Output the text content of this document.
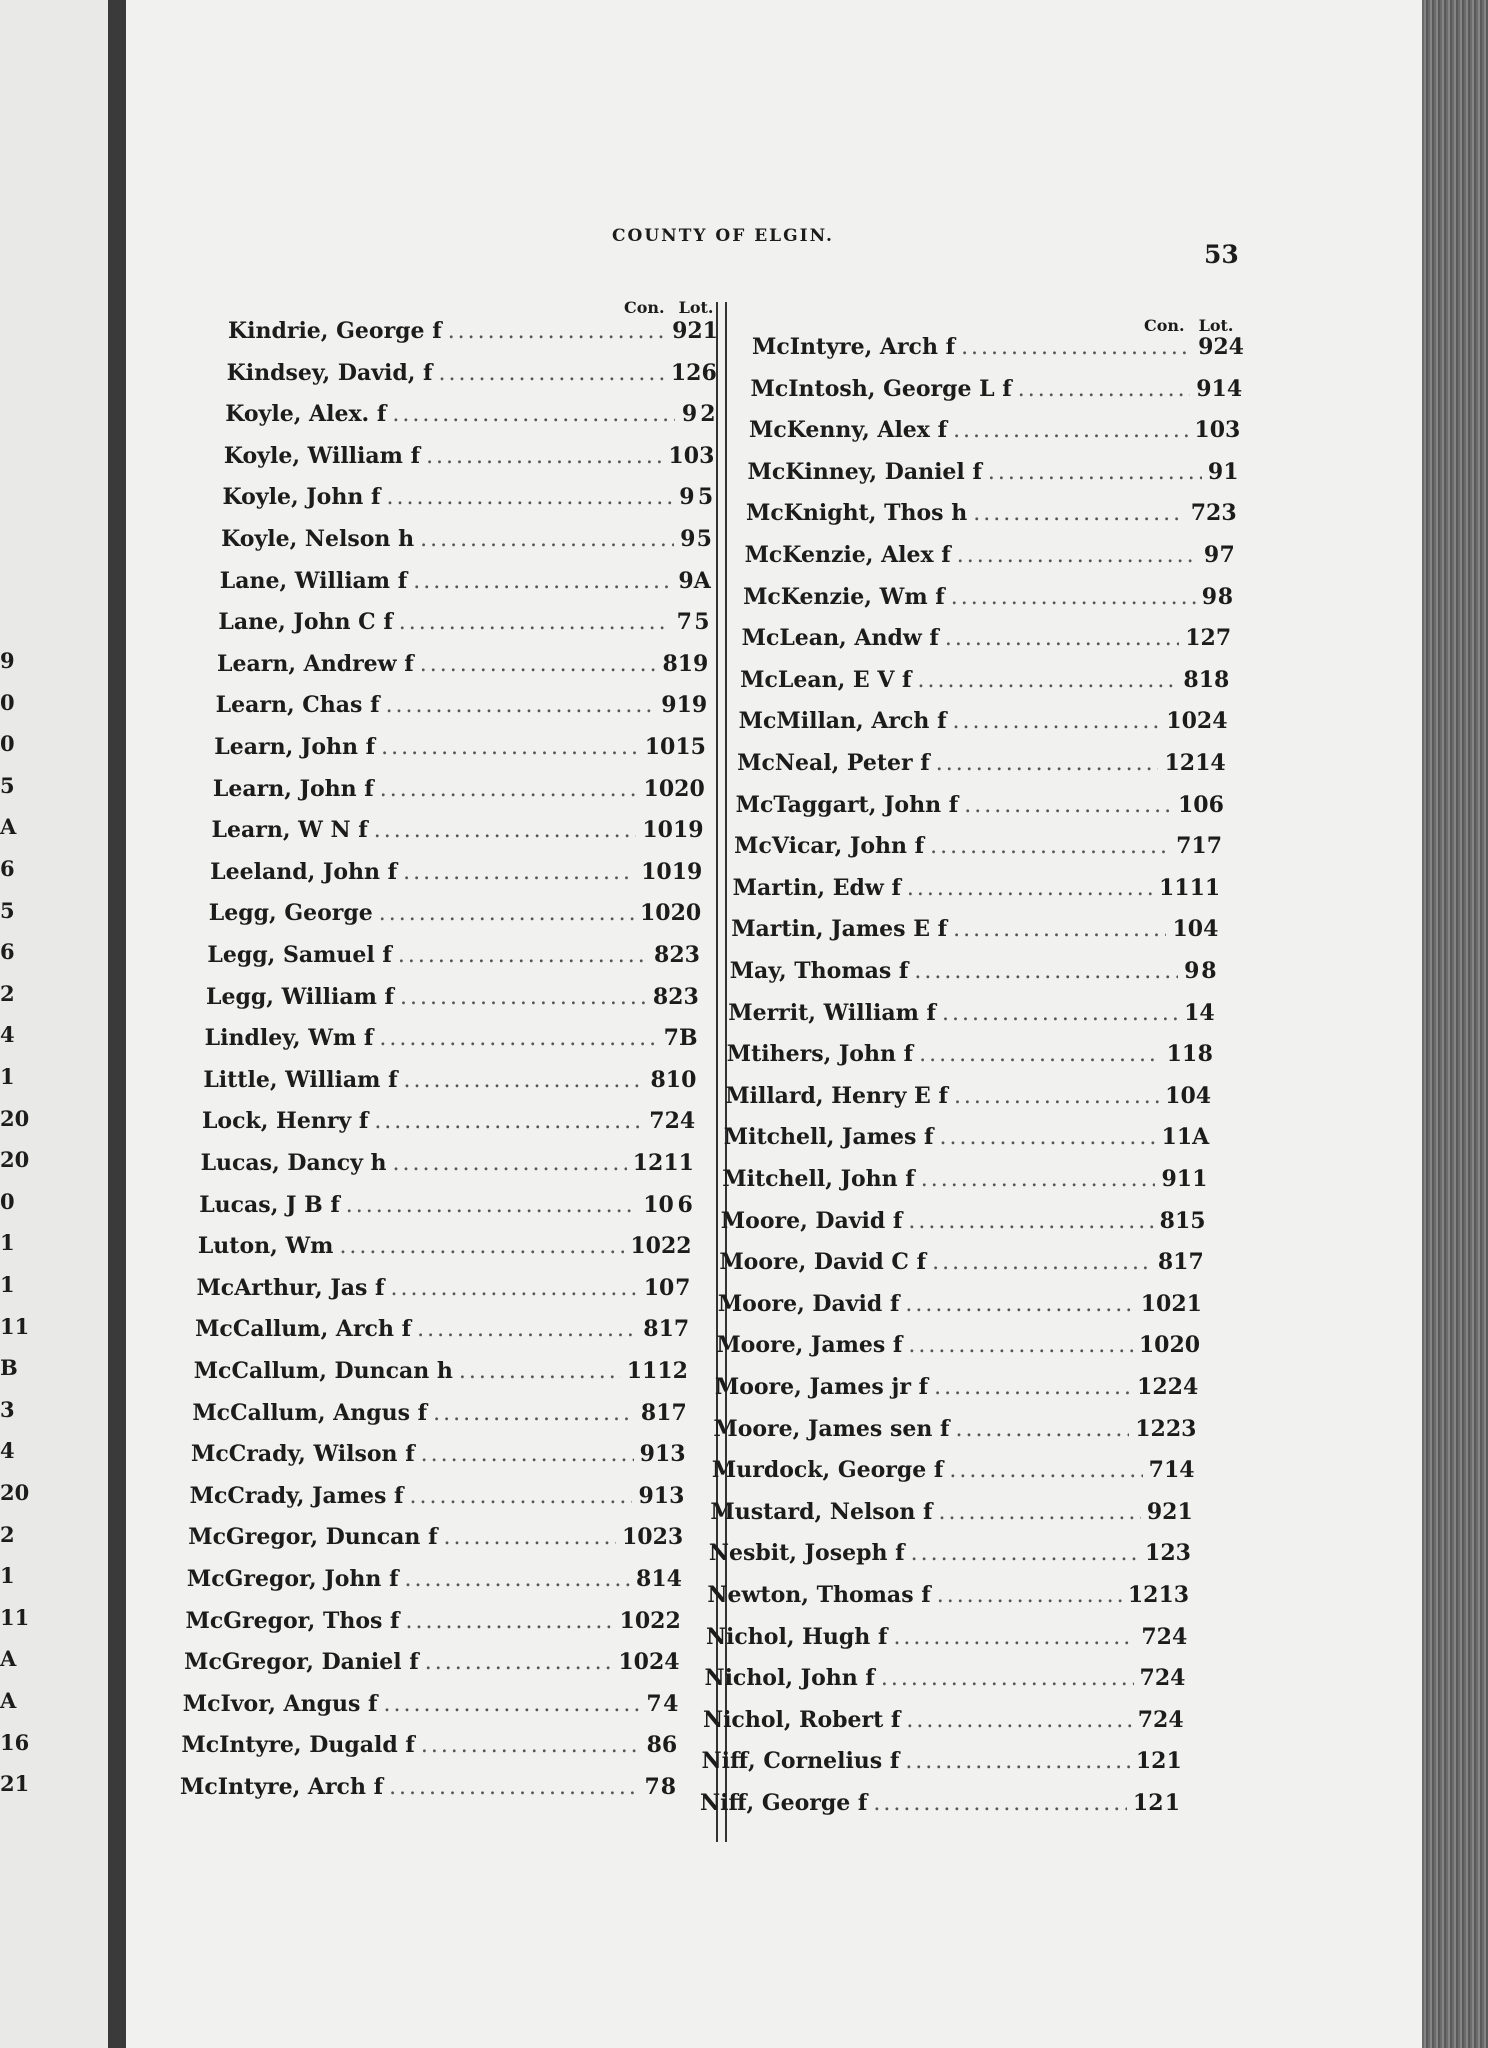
9
0
0
5
A
6
5
6
2
4
1
20
20
0
1
1
11
B
3
4
20
2
1
11
A
A
16
21
COUNTY OF ELGIN.
53
Con. Lot.
Con. Lot.
Kindrie, George f .....	9 21
Kindsey, David, f .....	12 6
Koyle, Alex. f .....	9 2
Koyle, William f .....	10 3
Koyle, John f .....	9 5
Koyle, Nelson h .....	9 5
Lane, William f .....	9 A
Lane, John C f .....	7 5
Learn, Andrew f .....	8 19
Learn, Chas f .....	9 19
Learn, John f .....	10 15
Learn, John f .....	10 20
Learn, W N f .....	10 19
Leeland, John f .....	10 19
Legg, George .....	10 20
Legg, Samuel f .....	8 23
Legg, William f .....	8 23
Lindley, Wm f .....	7 B
Little, William f .....	8 10
Lock, Henry f .....	7 24
Lucas, Dancy h .....	12 11
Lucas, J B f .....	10 6
Luton, Wm .....	10 22
McArthur, Jas f .....	10 7
McCallum, Arch f .....	8 17
McCallum, Duncan h .....	11 12
McCallum, Angus f .....	8 17
McCrady, Wilson f .....	9 13
McCrady, James f .....	9 13
McGregor, Duncan f .....	10 23
McGregor, John f .....	8 14
McGregor, Thos f .....	10 22
McGregor, Daniel f .....	10 24
McIvor, Angus f .....	7 4
McIntyre, Dugald f .....	8 6
McIntyre, Arch f .....	7 8
McIntyre, Arch f .....	9 24
McIntosh, George L f .....	9 14
McKenny, Alex f .....	10 3
McKinney, Daniel f .....	9 1
McKnight, Thos h .....	7 23
McKenzie, Alex f .....	9 7
McKenzie, Wm f .....	9 8
McLean, Andw f .....	12 7
McLean, E V f .....	8 18
McMillan, Arch f .....	10 24
McNeal, Peter f .....	12 14
McTaggart, John f .....	10 6
McVicar, John f .....	7 17
Martin, Edw f .....	11 11
Martin, James E f .....	10 4
May, Thomas f .....	9 8
Merrit, William f .....	1 4
Mtihers, John f .....	11 8
Millard, Henry E f .....	10 4
Mitchell, James f .....	11 A
Mitchell, John f .....	9 11
Moore, David f .....	8 15
Moore, David C f .....	8 17
Moore, David f .....	10 21
Moore, James f .....	10 20
Moore, James jr f .....	12 24
Moore, James sen f .....	12 23
Murdock, George f .....	7 14
Mustard, Nelson f .....	9 21
Nesbit, Joseph f .....	12 3
Newton, Thomas f .....	12 13
Nichol, Hugh f .....	7 24
Nichol, John f .....	7 24
Nichol, Robert f .....	7 24
Niff, Cornelius f .....	12 1
Niff, George f .....	12 1
